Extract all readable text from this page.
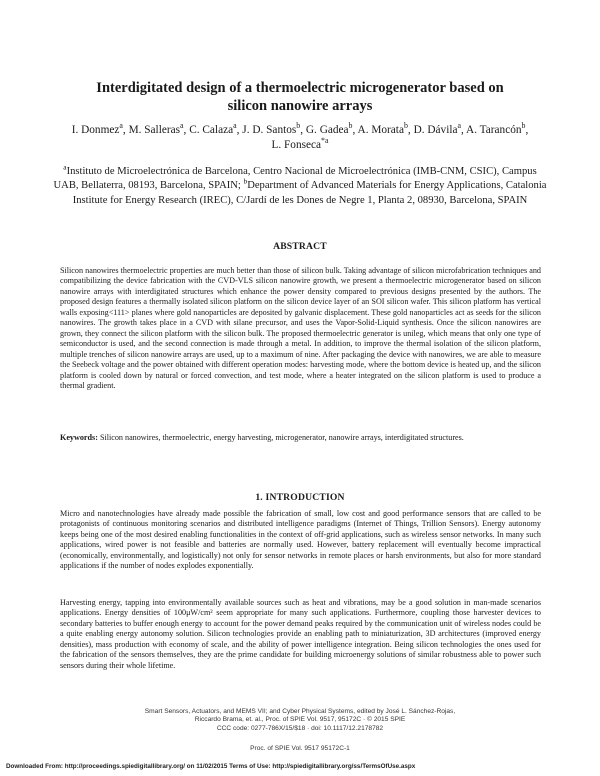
Interdigitated design of a thermoelectric microgenerator based on
silicon nanowire arrays
I. Donmez$^a$, M. Salleras$^a$, C. Calaza$^a$, J. D. Santos$^b$, G. Gadea$^b$, A. Morata$^b$, D. Dávila$^a$, A. Tarancón$^b$,
L. Fonseca$^{*a}$
$^a$Instituto de Microelectrónica de Barcelona, Centro Nacional de Microelectrónica (IMB-CNM, CSIC), Campus UAB, Bellaterra, 08193, Barcelona, SPAIN; $^b$Department of Advanced Materials for Energy Applications, Catalonia Institute for Energy Research (IREC), C/Jardí de les Dones de Negre 1, Planta 2, 08930, Barcelona, SPAIN
ABSTRACT
Silicon nanowires thermoelectric properties are much better than those of silicon bulk. Taking advantage of silicon microfabrication techniques and compatibilizing the device fabrication with the CVD-VLS silicon nanowire growth, we present a thermoelectric microgenerator based on silicon nanowire arrays with interdigitated structures which enhance the power density compared to previous designs presented by the authors. The proposed design features a thermally isolated silicon platform on the silicon device layer of an SOI silicon wafer. This silicon platform has vertical walls exposing<111> planes where gold nanoparticles are deposited by galvanic displacement. These gold nanoparticles act as seeds for the silicon nanowires. The growth takes place in a CVD with silane precursor, and uses the Vapor-Solid-Liquid synthesis. Once the silicon nanowires are grown, they connect the silicon platform with the silicon bulk. The proposed thermoelectric generator is unileg, which means that only one type of semiconductor is used, and the second connection is made through a metal. In addition, to improve the thermal isolation of the silicon platform, multiple trenches of silicon nanowire arrays are used, up to a maximum of nine. After packaging the device with nanowires, we are able to measure the Seebeck voltage and the power obtained with different operation modes: harvesting mode, where the bottom device is heated up, and the silicon platform is cooled down by natural or forced convection, and test mode, where a heater integrated on the silicon platform is used to produce a thermal gradient.
Keywords: Silicon nanowires, thermoelectric, energy harvesting, microgenerator, nanowire arrays, interdigitated structures.
1. INTRODUCTION
Micro and nanotechnologies have already made possible the fabrication of small, low cost and good performance sensors that are called to be protagonists of continuous monitoring scenarios and distributed intelligence paradigms (Internet of Things, Trillion Sensors). Energy autonomy keeps being one of the most desired enabling functionalities in the context of off-grid applications, such as wireless sensor networks. In many such applications, wired power is not feasible and batteries are normally used. However, battery replacement will eventually become impractical (economically, environmentally, and logistically) not only for sensor networks in remote places or harsh environments, but also for more standard applications if the number of nodes explodes exponentially.
Harvesting energy, tapping into environmentally available sources such as heat and vibrations, may be a good solution in man-made scenarios applications. Energy densities of 100μW/cm² seem appropriate for many such applications. Furthermore, coupling those harvester devices to secondary batteries to buffer enough energy to account for the power demand peaks required by the communication unit of wireless nodes could be a quite enabling energy autonomy solution. Silicon technologies provide an enabling path to miniaturization, 3D architectures (improved energy densities), mass production with economy of scale, and the ability of power intelligence integration. Being silicon technologies the ones used for the fabrication of the sensors themselves, they are the prime candidate for building microenergy solutions of similar robustness able to power such sensors during their whole lifetime.
Smart Sensors, Actuators, and MEMS VII; and Cyber Physical Systems, edited by José L. Sánchez-Rojas,
Riccardo Brama, et. al., Proc. of SPIE Vol. 9517, 95172C · © 2015 SPIE
CCC code: 0277-786X/15/$18 · doi: 10.1117/12.2178782
Proc. of SPIE Vol. 9517 95172C-1
Downloaded From: http://proceedings.spiedigitallibrary.org/ on 11/02/2015 Terms of Use: http://spiedigitallibrary.org/ss/TermsOfUse.aspx
